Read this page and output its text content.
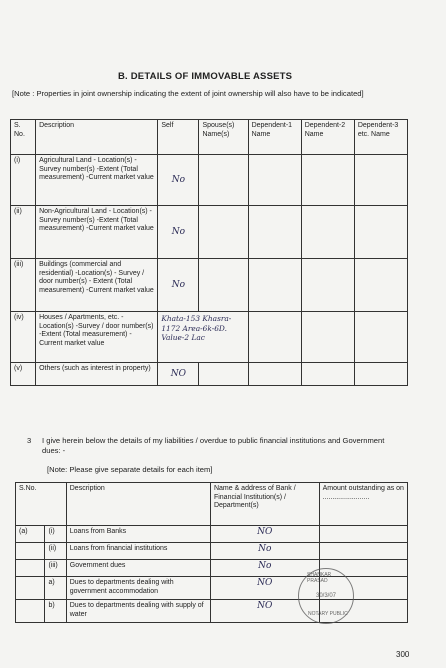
B. DETAILS OF IMMOVABLE ASSETS
[Note : Properties in joint ownership indicating the extent of joint ownership will also have to be indicated]
S. No.	Description	Self	Spouse(s) Name(s)	Dependent-1 Name	Dependent-2 Name	Dependent-3 etc. Name
(i)	Agricultural Land - Location(s) -Survey number(s) -Extent (Total measurement) -Current market value	No				
(ii)	Non-Agricultural Land - Location(s) -Survey number(s) -Extent (Total measurement) -Current market value	No				
(iii)	Buildings (commercial and residential) -Location(s) - Survey / door number(s) - Extent (Total measurement) -Current market value	No				
(iv)	Houses / Apartments, etc. - Location(s) -Survey / door number(s) -Extent (Total measurement) -Current market value	Khata-153 Khasra-1172 Area-6k-6D. Value-2 Lac				
(v)	Others (such as interest in property)	NO				
3 I give herein below the details of my liabilities / overdue to public financial institutions and Government dues: -
[Note: Please give separate details for each item]
S.No.		Description	Name & address of Bank / Financial Institution(s) / Department(s)	Amount outstanding as on ........................
(a)	(i)	Loans from Banks	NO	
	(ii)	Loans from financial institutions	No	
	(iii)	Government dues	No	
	a)	Dues to departments dealing with government accommodation	NO	
	b)	Dues to departments dealing with supply of water	NO	
SHANKAR PRASAD
30/3/07
NOTARY PUBLIC
300
